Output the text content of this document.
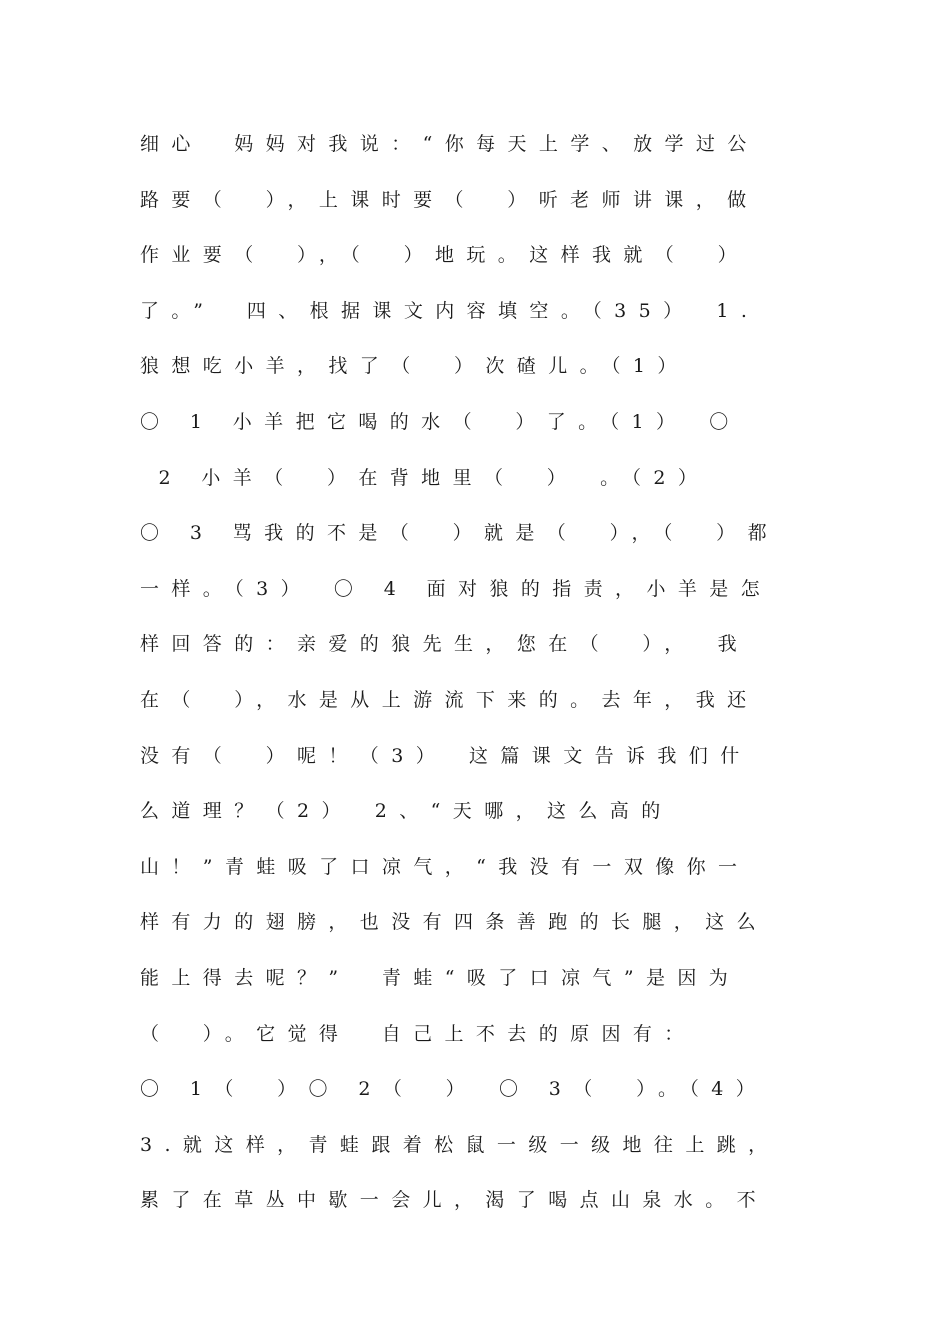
细心　妈妈对我说：“你每天上学、放学过公

路要（　），上课时要（　）听老师讲课，做

作业要（　），（　）地玩。这样我就（　）

了。”　四、根据课文内容填空。（35）　1.

狼想吃小羊，找了（　）次碴儿。（1）

〇 1 小羊把它喝的水（　）了。（1）　〇

2 小羊（　）在背地里（　）　。（2）

〇 3 骂我的不是（　）就是（　），（　）都

一样。（3）　〇 4 面对狼的指责，小羊是怎

样回答的：亲爱的狼先生，您在（　），　我

在（　），水是从上游流下来的。去年，我还

没有（　）呢！（3）　这篇课文告诉我们什

么道理？（2）　2、“天哪，这么高的

山！”青蛙吸了口凉气，“我没有一双像你一

样有力的翅膀，也没有四条善跑的长腿，这么

能上得去呢？”　青蛙“吸了口凉气”是因为

（　）。它觉得　自己上不去的原因有：

〇 1（　）〇 2（　）　〇 3（　）。（4）

3.就这样，青蛙跟着松鼠一级一级地往上跳，

累了在草丛中歇一会儿，渴了喝点山泉水。不
